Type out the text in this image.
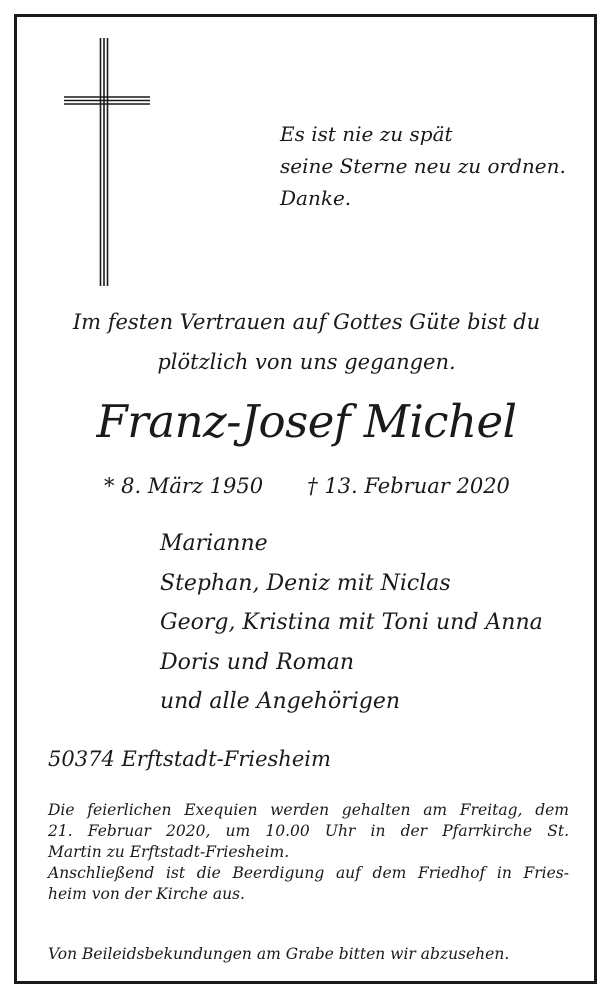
Es ist nie zu spät
seine Sterne neu zu ordnen.
Danke.
Im festen Vertrauen auf Gottes Güte bist du
plötzlich von uns gegangen.
Franz-Josef Michel
* 8. März 1950 † 13. Februar 2020
Marianne
Stephan, Deniz mit Niclas
Georg, Kristina mit Toni und Anna
Doris und Roman
und alle Angehörigen
50374 Erftstadt-Friesheim
Die feierlichen Exequien werden gehalten am Freitag, dem
21. Februar 2020, um 10.00 Uhr in der Pfarrkirche St.
Martin zu Erftstadt-Friesheim.
Anschließend ist die Beerdigung auf dem Friedhof in Fries-
heim von der Kirche aus.
Von Beileidsbekundungen am Grabe bitten wir abzusehen.
